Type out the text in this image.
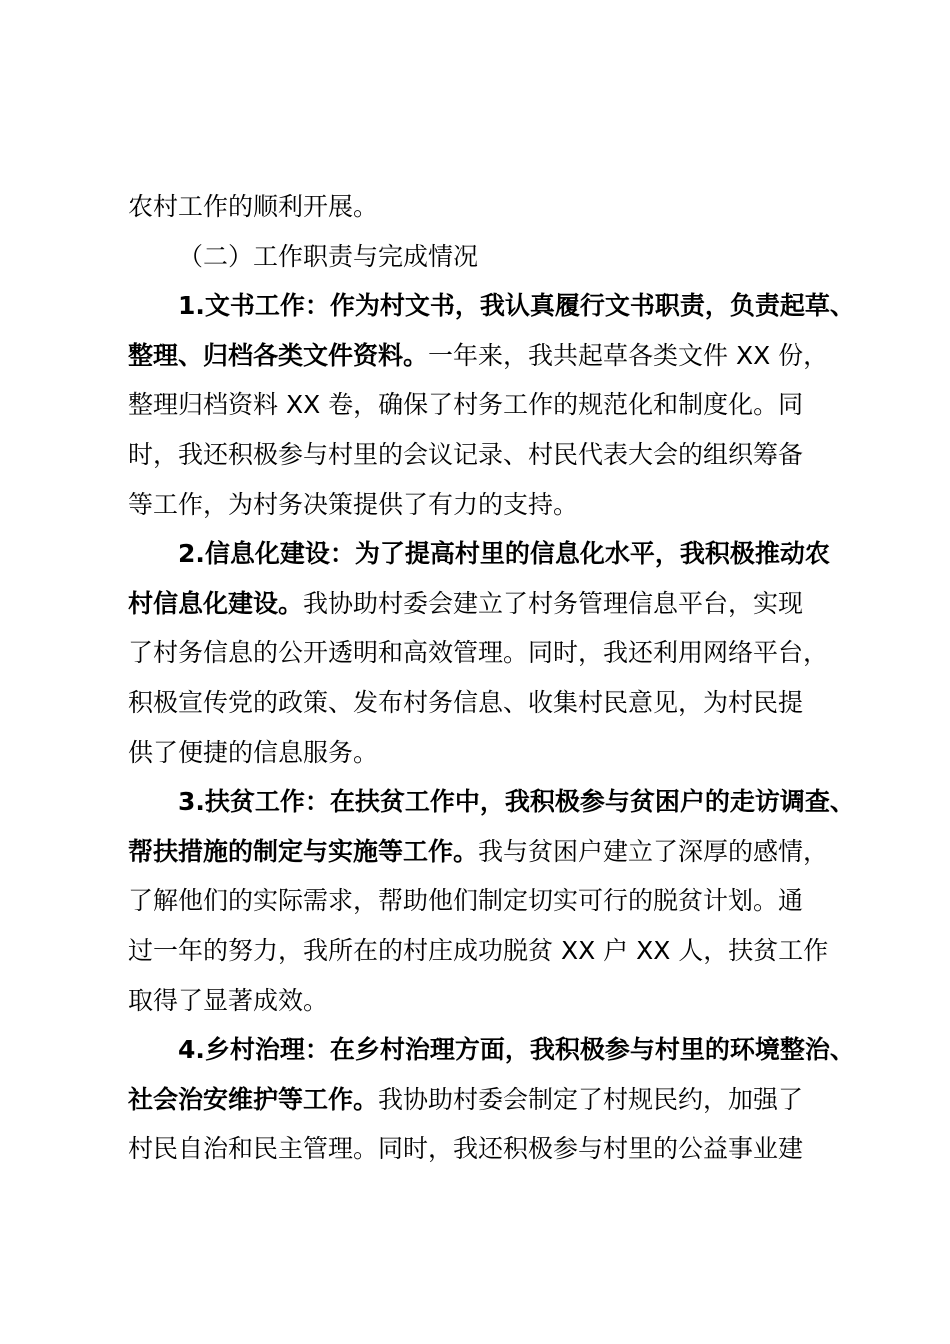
农村工作的顺利开展。
（二）工作职责与完成情况
1.文书工作：作为村文书，我认真履行文书职责，负责起草、
整理、归档各类文件资料。一年来，我共起草各类文件 XX 份，
整理归档资料 XX 卷，确保了村务工作的规范化和制度化。同
时，我还积极参与村里的会议记录、村民代表大会的组织筹备
等工作，为村务决策提供了有力的支持。
2.信息化建设：为了提高村里的信息化水平，我积极推动农
村信息化建设。我协助村委会建立了村务管理信息平台，实现
了村务信息的公开透明和高效管理。同时，我还利用网络平台，
积极宣传党的政策、发布村务信息、收集村民意见，为村民提
供了便捷的信息服务。
3.扶贫工作：在扶贫工作中，我积极参与贫困户的走访调查、
帮扶措施的制定与实施等工作。我与贫困户建立了深厚的感情，
了解他们的实际需求，帮助他们制定切实可行的脱贫计划。通
过一年的努力，我所在的村庄成功脱贫 XX 户 XX 人，扶贫工作
取得了显著成效。
4.乡村治理：在乡村治理方面，我积极参与村里的环境整治、
社会治安维护等工作。我协助村委会制定了村规民约，加强了
村民自治和民主管理。同时，我还积极参与村里的公益事业建
